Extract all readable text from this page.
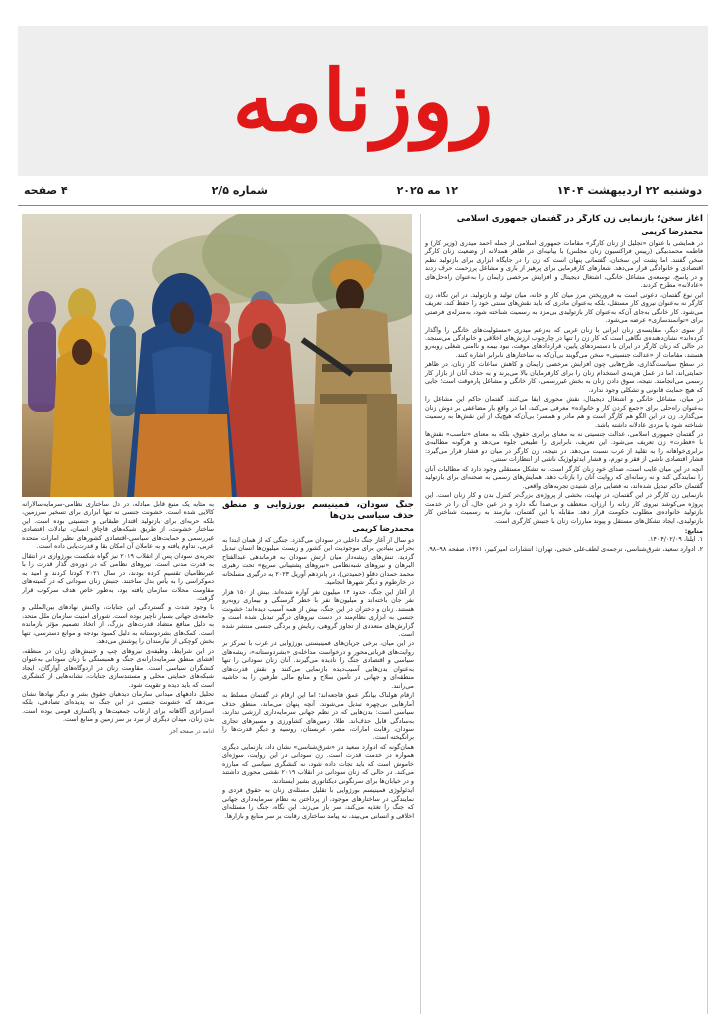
روزنامه
دوشنبه ۲۲ اردیبهشت ۱۴۰۴
۱۲ مه ۲۰۲۵
شماره ۲/۵
۴ صفحه
آغاز سخن؛ بازنمایی زن کارگر در گفتمان جمهوری اسلامی
محمدرضا کریمی

در همایشی با عنوان «تجلیل از زنان کارگر» مقامات جمهوری اسلامی از جمله احمد میدری (وزیر کار) و فاطمه محمدبیگی (رییس فراکسیون زنان مجلس) با بیانیه‌ای در ظاهر همدلانه از وضعیت زنان کارگر سخن گفتند. اما پشت این سخنان، گفتمانی پنهان است که زن را در جایگاه ابزاری برای بازتولید نظم اقتصادی و خانوادگی قرار می‌دهد. شعارهای کارفرمایی برای پرهیز از باری و مشاغل پرزحمت حرف زدند و در پاسخ، توسعه‌ی مشاغل خانگی، اشتغال دیجیتال و افزایش مرخصی زایمان را به‌عنوان راه‌حل‌های «عادلانه» مطرح کردند.

این نوع گفتمان، دعوتی است به فروریختن مرز میان کار و خانه، میان تولید و بازتولید. در این نگاه، زن کارگر نه به‌عنوان نیروی کار مستقل، بلکه به‌عنوان مادری که باید نقش‌های سنتی خود را حفظ کند، تعریف می‌شود. کار خانگی به‌جای آن‌که به‌عنوان کار بازتولیدی بی‌مزد به رسمیت شناخته شود، به‌منزله‌ی فرصتی برای «توانمندسازی» عرضه می‌شود.

از سوی دیگر، مقایسه‌ی زنان ایرانی با زنان غربی که به‌زعم میدری «مسئولیت‌های خانگی را واگذار کرده‌اند» نشان‌دهنده‌ی نگاهی است که کار زن را تنها در چارچوب ارزش‌های اخلاقی و خانوادگی می‌سنجد. در حالی که زنان کارگر در ایران با دستمزدهای پایین، قراردادهای موقت، نبود بیمه و ناامنی شغلی روبه‌رو هستند، مقامات از «عدالت جنسیتی» سخن می‌گویند بی‌آن‌که به ساختارهای نابرابر اشاره کنند.

در سطح سیاست‌گذاری، طرح‌هایی چون افزایش مرخصی زایمان و کاهش ساعات کار زنان، در ظاهر حمایتی‌اند، اما در عمل هزینه‌ی استخدام زنان را برای کارفرمایان بالا می‌برند و به حذف آنان از بازار کار رسمی می‌انجامند. نتیجه، سوق دادن زنان به بخش غیررسمی، کار خانگی و مشاغل پاره‌وقت است؛ جایی که هیچ حمایت قانونی و تشکلی وجود ندارد.

در میان، مشاغل خانگی و اشتغال دیجیتال، نقش محوری ایفا می‌کنند. گفتمان حاکم این مشاغل را به‌عنوان راه‌حلی برای «جمع کردن کار و خانواده» معرفی می‌کند، اما در واقع بار مضاعفی بر دوش زنان می‌گذارد. زن در این الگو هم کارگر است و هم مادر و همسر؛ بی‌آن‌که هیچ‌یک از این نقش‌ها به رسمیت شناخته شود یا مزدی عادلانه داشته باشد.

در گفتمان جمهوری اسلامی، عدالت جنسیتی نه به معنای برابری حقوق، بلکه به معنای «تناسب» نقش‌ها با «فطرت» زن تعریف می‌شود. این تعریف، نابرابری را طبیعی جلوه می‌دهد و هرگونه مطالبه‌ی برابری‌خواهانه را به تقلید از غرب نسبت می‌دهد. در نتیجه، زن کارگر در میان دو فشار قرار می‌گیرد: فشار اقتصادی ناشی از فقر و تورم، و فشار ایدئولوژیک ناشی از انتظارات سنتی.

آنچه در این میان غایب است، صدای خود زنان کارگر است. نه تشکل مستقلی وجود دارد که مطالبات آنان را نمایندگی کند و نه رسانه‌ای که روایت آنان را بازتاب دهد. همایش‌های رسمی به صحنه‌ای برای بازتولید گفتمان حاکم تبدیل شده‌اند، نه فضایی برای شنیدن تجربه‌های واقعی.

بازنمایی زن کارگر در این گفتمان، در نهایت، بخشی از پروژه‌ی بزرگ‌تر کنترل بدن و کار زنان است. این پروژه می‌کوشد نیروی کار زنانه را ارزان، منعطف و بی‌صدا نگه دارد و در عین حال، آن را در خدمت بازتولید خانواده‌ی مطلوب حکومت قرار دهد. مقابله با این گفتمان، نیازمند به رسمیت شناختن کار بازتولیدی، ایجاد تشکل‌های مستقل و پیوند مبارزات زنان با جنبش کارگری است.

منابع:

۱. ایلنا، ۱۴۰۴/۰۲/۰۹.

۲. ادوارد سعید، شرق‌شناسی، ترجمه‌ی لطف‌علی خنجی، تهران: انتشارات امیرکبیر، ۱۳۶۱، صفحه ۹۸–۹۸.

جنگ سودان، فمینیسم بورژوایی و منطق حذف سیاسی بدن‌ها
محمدرضا کریمی

دو سال از آغاز جنگ داخلی در سودان می‌گذرد. جنگی که از همان ابتدا به بحرانی بنیادین برای موجودیت این کشور و زیست میلیون‌ها انسان تبدیل گردید. تنش‌های ریشه‌دار میان ارتش سودان به فرماندهی عبدالفتاح البرهان و نیروهای شبه‌نظامی «نیروهای پشتیبانی سریع» تحت رهبری محمد حمدان دقلو (حمیدتی)، در پانزدهم آوریل ۲۰۲۳ به درگیری مسلحانه در خارطوم و دیگر شهرها انجامید.

از آغاز این جنگ، حدود ۱۴ میلیون نفر آواره شده‌اند. بیش از ۱۵۰ هزار نفر جان باخته‌اند و میلیون‌ها نفر با خطر گرسنگی و بیماری روبه‌رو هستند. زنان و دختران در این جنگ، بیش از همه آسیب دیده‌اند؛ خشونت جنسی به ابزاری نظام‌مند در دست نیروهای درگیر تبدیل شده است و گزارش‌های متعددی از تجاوز گروهی، ربایش و بردگی جنسی منتشر شده است.

در این میان، برخی جریان‌های فمینیستی بورژوایی در غرب با تمرکز بر روایت‌های قربانی‌محور و درخواست مداخله‌ی «بشردوستانه»، ریشه‌های سیاسی و اقتصادی جنگ را نادیده می‌گیرند. آنان زنان سودانی را تنها به‌عنوان بدن‌هایی آسیب‌دیده بازنمایی می‌کنند و نقش قدرت‌های منطقه‌ای و جهانی در تأمین سلاح و منابع مالی طرفین را به حاشیه می‌رانند.

ارقام هولناک بیانگر عمق فاجعه‌اند؛ اما این ارقام در گفتمان مسلط به آمارهایی بی‌چهره تبدیل می‌شوند. آنچه پنهان می‌ماند، منطق حذف سیاسی است: بدن‌هایی که در نظم جهانی سرمایه‌داری ارزشی ندارند، به‌سادگی قابل حذف‌اند. طلا، زمین‌های کشاورزی و مسیرهای تجاری سودان، رقابت امارات، مصر، عربستان، روسیه و دیگر قدرت‌ها را برانگیخته است.

همان‌گونه که ادوارد سعید در «شرق‌شناسی» نشان داد، بازنمایی دیگری همواره در خدمت قدرت است. زن سودانی در این روایت، سوژه‌ای خاموش است که باید نجات داده شود، نه کنشگری سیاسی که مبارزه می‌کند. در حالی که زنان سودانی در انقلاب ۲۰۱۹ نقشی محوری داشتند و در خیابان‌ها برای سرنگونی دیکتاتوری بشیر ایستادند.

ایدئولوژی فمینیسم بورژوایی با تقلیل مسئله‌ی زنان به حقوق فردی و نمایندگی در ساختارهای موجود، از پرداختن به نظام سرمایه‌داری جهانی که جنگ را تغذیه می‌کند، سر باز می‌زند. این نگاه، جنگ را مسئله‌ای اخلاقی و انسانی می‌بیند، نه پیامد ساختاری رقابت بر سر منابع و بازارها.

به مثابه یک منبع قابل مبادله، در دل ساختاری نظامی-سرمایه‌سالارانه کالایی شده است. خشونت جنسی نه تنها ابزاری برای تسخیر سرزمین، بلکه حربه‌ای برای بازتولید اقتدار طبقاتی و جنسیتی بوده است. این ساختار خشونت، از طریق شبکه‌های قاچاق انسان، تبادلات اقتصادی غیررسمی و حمایت‌های سیاسی-اقتصادی کشورهای نظیر امارات متحده عربی، تداوم یافته و به عاملان آن امکان بقا و قدرت‌یابی داده است.

تجربه‌ی سودان پس از انقلاب ۲۰۱۹ نیز گواه شکست بورژوازی در انتقال به قدرت مدنی است. نیروهای نظامی که در دوره‌ی گذار قدرت را با غیرنظامیان تقسیم کرده بودند، در سال ۲۰۲۱ کودتا کردند و امید به دموکراسی را به یأس بدل ساختند. جنبش زنان سودانی که در کمیته‌های مقاومت محلات سازمان یافته بود، به‌طور خاص هدف سرکوب قرار گرفت.

با وجود شدت و گستردگی این جنایات، واکنش نهادهای بین‌المللی و جامعه‌ی جهانی بسیار ناچیز بوده است. شورای امنیت سازمان ملل متحد، به دلیل منافع متضاد قدرت‌های بزرگ، از اتخاذ تصمیم مؤثر بازمانده است. کمک‌های بشردوستانه به دلیل کمبود بودجه و موانع دسترسی، تنها بخش کوچکی از نیازمندان را پوشش می‌دهد.

در این شرایط، وظیفه‌ی نیروهای چپ و جنبش‌های زنان در منطقه، افشای منطق سرمایه‌دارانه‌ی جنگ و همبستگی با زنان سودانی به‌عنوان کنشگران سیاسی است. مقاومت زنان در اردوگاه‌های آوارگان، ایجاد شبکه‌های حمایتی محلی و مستندسازی جنایات، نشانه‌هایی از کنشگری است که باید دیده و تقویت شود.

تحلیل دادههای میدانی سازمان دیدهبان حقوق بشر و دیگر نهادها نشان می‌دهد که خشونت جنسی در این جنگ نه پدیده‌ای تصادفی، بلکه استراتژی آگاهانه برای ارعاب جمعیت‌ها و پاکسازی قومی بوده است. بدن زنان، میدان دیگری از نبرد بر سر زمین و منابع است.

ادامه در صفحه آخر
